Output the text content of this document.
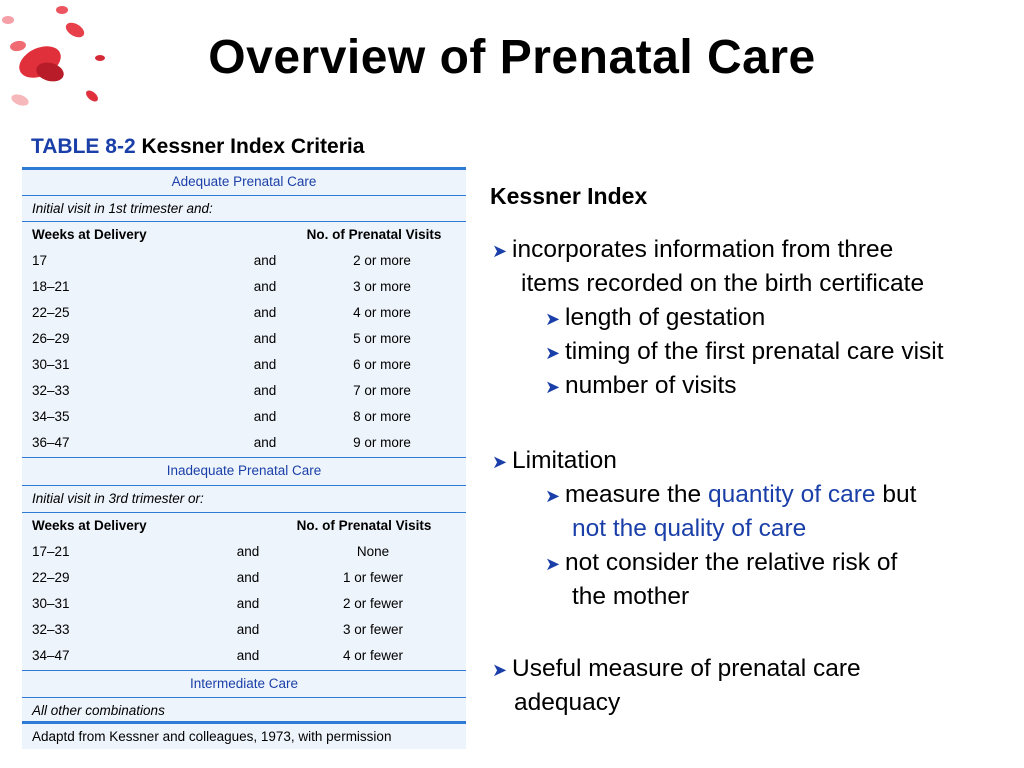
Overview of Prenatal Care
TABLE 8-2 Kessner Index Criteria
Adequate Prenatal Care
Initial visit in 1st trimester and:
Weeks at Delivery	No. of Prenatal Visits
17	and	2 or more
18–21	and	3 or more
22–25	and	4 or more
26–29	and	5 or more
30–31	and	6 or more
32–33	and	7 or more
34–35	and	8 or more
36–47	and	9 or more
Inadequate Prenatal Care
Initial visit in 3rd trimester or:
Weeks at Delivery	No. of Prenatal Visits
17–21	and	None
22–29	and	1 or fewer
30–31	and	2 or fewer
32–33	and	3 or fewer
34–47	and	4 or fewer
Intermediate Care
All other combinations
Adaptd from Kessner and colleagues, 1973, with permission
Kessner Index
➤ incorporates information from three
items recorded on the birth certificate
➤ length of gestation
➤ timing of the first prenatal care visit
➤ number of visits
➤ Limitation
➤ measure the quantity of care but
not the quality of care
➤ not consider the relative risk of
the mother
➤ Useful measure of prenatal care
adequacy
